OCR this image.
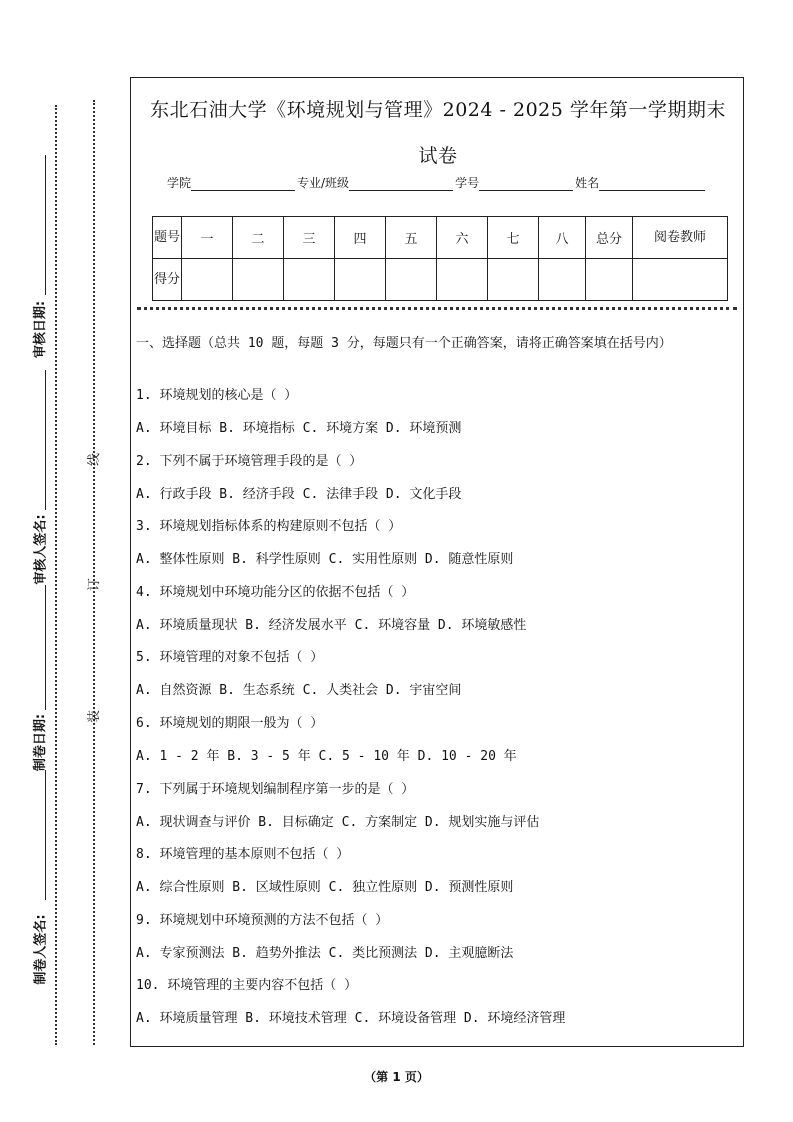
审核日期:
审核人签名:
制卷日期:
制卷人签名:
线
订
装
东北石油大学《环境规划与管理》2024 - 2025 学年第一学期期末
试卷
学院	专业/班级	学号	姓名
题号	一	二	三	四	五	六	七	八	总分	阅卷教师
得分										
一、选择题（总共 10 题，每题 3 分，每题只有一个正确答案，请将正确答案填在括号内）
1. 环境规划的核心是（ ）
A. 环境目标 B. 环境指标 C. 环境方案 D. 环境预测
2. 下列不属于环境管理手段的是（ ）
A. 行政手段 B. 经济手段 C. 法律手段 D. 文化手段
3. 环境规划指标体系的构建原则不包括（ ）
A. 整体性原则 B. 科学性原则 C. 实用性原则 D. 随意性原则
4. 环境规划中环境功能分区的依据不包括（ ）
A. 环境质量现状 B. 经济发展水平 C. 环境容量 D. 环境敏感性
5. 环境管理的对象不包括（ ）
A. 自然资源 B. 生态系统 C. 人类社会 D. 宇宙空间
6. 环境规划的期限一般为（ ）
A. 1 - 2 年 B. 3 - 5 年 C. 5 - 10 年 D. 10 - 20 年
7. 下列属于环境规划编制程序第一步的是（ ）
A. 现状调查与评价 B. 目标确定 C. 方案制定 D. 规划实施与评估
8. 环境管理的基本原则不包括（ ）
A. 综合性原则 B. 区域性原则 C. 独立性原则 D. 预测性原则
9. 环境规划中环境预测的方法不包括（ ）
A. 专家预测法 B. 趋势外推法 C. 类比预测法 D. 主观臆断法
10. 环境管理的主要内容不包括（ ）
A. 环境质量管理 B. 环境技术管理 C. 环境设备管理 D. 环境经济管理
（第 1 页）
